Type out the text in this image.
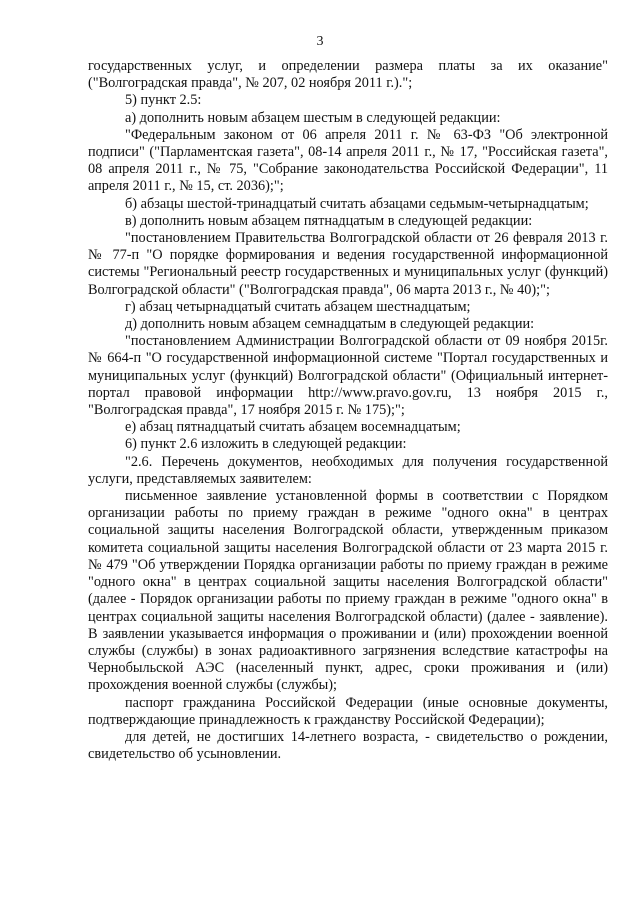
3

государственных услуг, и определении размера платы за их оказание" ("Волгоградская правда", № 207, 02 ноября 2011 г.).";

5) пункт 2.5:

а) дополнить новым абзацем шестым в следующей редакции:

"Федеральным законом от 06 апреля 2011 г. № 63-ФЗ "Об электронной подписи" ("Парламентская газета", 08-14 апреля 2011 г., № 17, "Российская газета", 08 апреля 2011 г., № 75, "Собрание законодательства Российской Федерации", 11 апреля 2011 г., № 15, ст. 2036);";

б) абзацы шестой-тринадцатый считать абзацами седьмым-четырнадцатым;

в) дополнить новым абзацем пятнадцатым в следующей редакции:

"постановлением Правительства Волгоградской области от 26 февраля 2013 г. № 77-п "О порядке формирования и ведения государственной информационной системы "Региональный реестр государственных и муниципальных услуг (функций) Волгоградской области" ("Волгоградская правда", 06 марта 2013 г., № 40);";

г) абзац четырнадцатый считать абзацем шестнадцатым;

д) дополнить новым абзацем семнадцатым в следующей редакции:

"постановлением Администрации Волгоградской области от 09 ноября 2015г. № 664-п "О государственной информационной системе "Портал государственных и муниципальных услуг (функций) Волгоградской области" (Официальный интернет-портал правовой информации http://www.pravo.gov.ru, 13 ноября 2015 г., "Волгоградская правда", 17 ноября 2015 г. № 175);";

е) абзац пятнадцатый считать абзацем восемнадцатым;

6) пункт 2.6 изложить в следующей редакции:

"2.6. Перечень документов, необходимых для получения государственной услуги, представляемых заявителем:

письменное заявление установленной формы в соответствии с Порядком организации работы по приему граждан в режиме "одного окна" в центрах социальной защиты населения Волгоградской области, утвержденным приказом комитета социальной защиты населения Волгоградской области от 23 марта 2015 г. № 479 "Об утверждении Порядка организации работы по приему граждан в режиме "одного окна" в центрах социальной защиты населения Волгоградской области" (далее - Порядок организации работы по приему граждан в режиме "одного окна" в центрах социальной защиты населения Волгоградской области) (далее - заявление). В заявлении указывается информация о проживании и (или) прохождении военной службы (службы) в зонах радиоактивного загрязнения вследствие катастрофы на Чернобыльской АЭС (населенный пункт, адрес, сроки проживания и (или) прохождения военной службы (службы);

паспорт гражданина Российской Федерации (иные основные документы, подтверждающие принадлежность к гражданству Российской Федерации);

для детей, не достигших 14-летнего возраста, - свидетельство о рождении, свидетельство об усыновлении.
